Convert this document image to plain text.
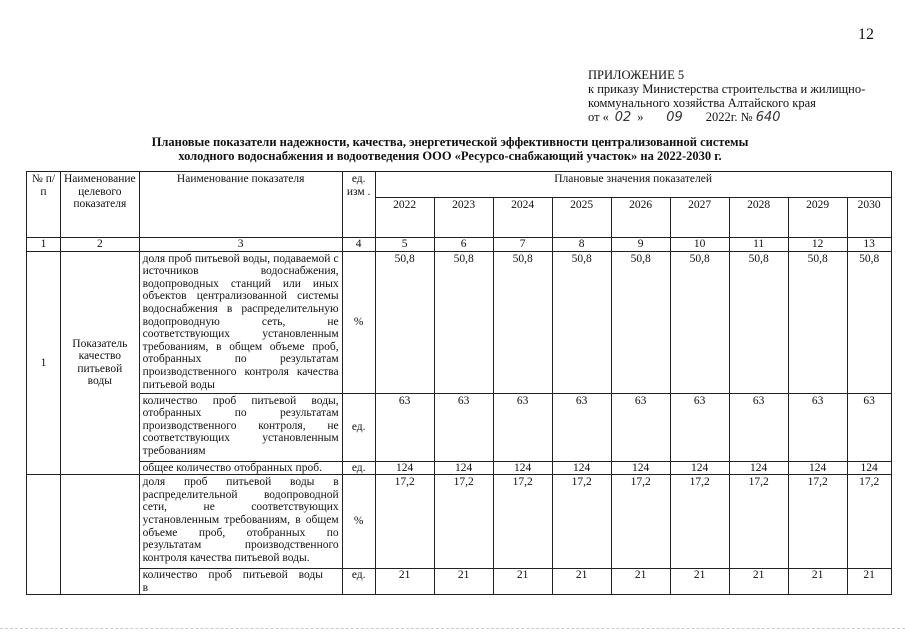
12
ПРИЛОЖЕНИЕ 5
к приказу Министерства строительства и жилищно-
коммунального хозяйства Алтайского края
от « 02 » 09 2022г. № 640
Плановые показатели надежности, качества, энергетической эффективности централизованной системы
холодного водоснабжения и водоотведения ООО «Ресурсо-снабжающий участок» на 2022-2030 г.
№ п/п	Наименование целевого показателя	Наименование показателя	ед. изм .	Плановые значения показателей								
				2022	2023	2024	2025	2026	2027	2028	2029	2030
1	2	3	4	5	6	7	8	9	10	11	12	13
1	Показатель качество питьевой воды	доля проб питьевой воды, подаваемой с источников водоснабжения, водопроводных станций или иных объектов централизованной системы водоснабжения в распределительную водопроводную сеть, не соответствующих установленным требованиям, в общем объеме проб, отобранных по результатам производственного контроля качества питьевой воды	%	50,8	50,8	50,8	50,8	50,8	50,8	50,8	50,8	50,8
		количество проб питьевой воды, отобранных по результатам производственного контроля, не соответствующих установленным требованиям	ед.	63	63	63	63	63	63	63	63	63
		общее количество отобранных проб.	ед.	124	124	124	124	124	124	124	124	124
		доля проб питьевой воды в распределительной водопроводной сети, не соответствующих установленным требованиям, в общем объеме проб, отобранных по результатам производственного контроля качества питьевой воды.	%	17,2	17,2	17,2	17,2	17,2	17,2	17,2	17,2	17,2
		количество проб питьевой воды в	ед.	21	21	21	21	21	21	21	21	21
